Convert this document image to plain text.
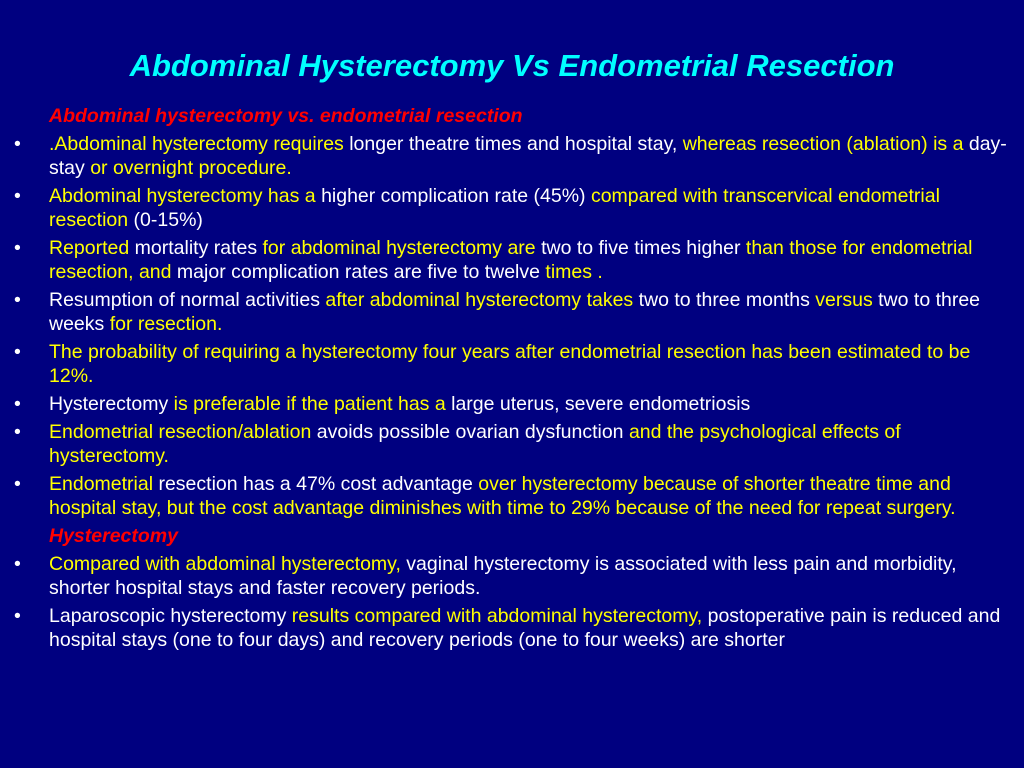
Abdominal Hysterectomy Vs Endometrial Resection
Abdominal hysterectomy vs. endometrial resection
• .Abdominal hysterectomy requires longer theatre times and hospital stay, whereas resection (ablation) is a day-stay or overnight procedure.
• Abdominal hysterectomy has a higher complication rate (45%) compared with transcervical endometrial resection (0-15%)
• Reported mortality rates for abdominal hysterectomy are two to five times higher than those for endometrial resection, and major complication rates are five to twelve times .
• Resumption of normal activities after abdominal hysterectomy takes two to three months versus two to three weeks for resection.
• The probability of requiring a hysterectomy four years after endometrial resection has been estimated to be 12%.
• Hysterectomy is preferable if the patient has a large uterus, severe endometriosis
• Endometrial resection/ablation avoids possible ovarian dysfunction and the psychological effects of hysterectomy.
• Endometrial resection has a 47% cost advantage over hysterectomy because of shorter theatre time and hospital stay, but the cost advantage diminishes with time to 29% because of the need for repeat surgery.
Hysterectomy
• Compared with abdominal hysterectomy, vaginal hysterectomy is associated with less pain and morbidity, shorter hospital stays and faster recovery periods.
• Laparoscopic hysterectomy results compared with abdominal hysterectomy, postoperative pain is reduced and hospital stays (one to four days) and recovery periods (one to four weeks) are shorter
